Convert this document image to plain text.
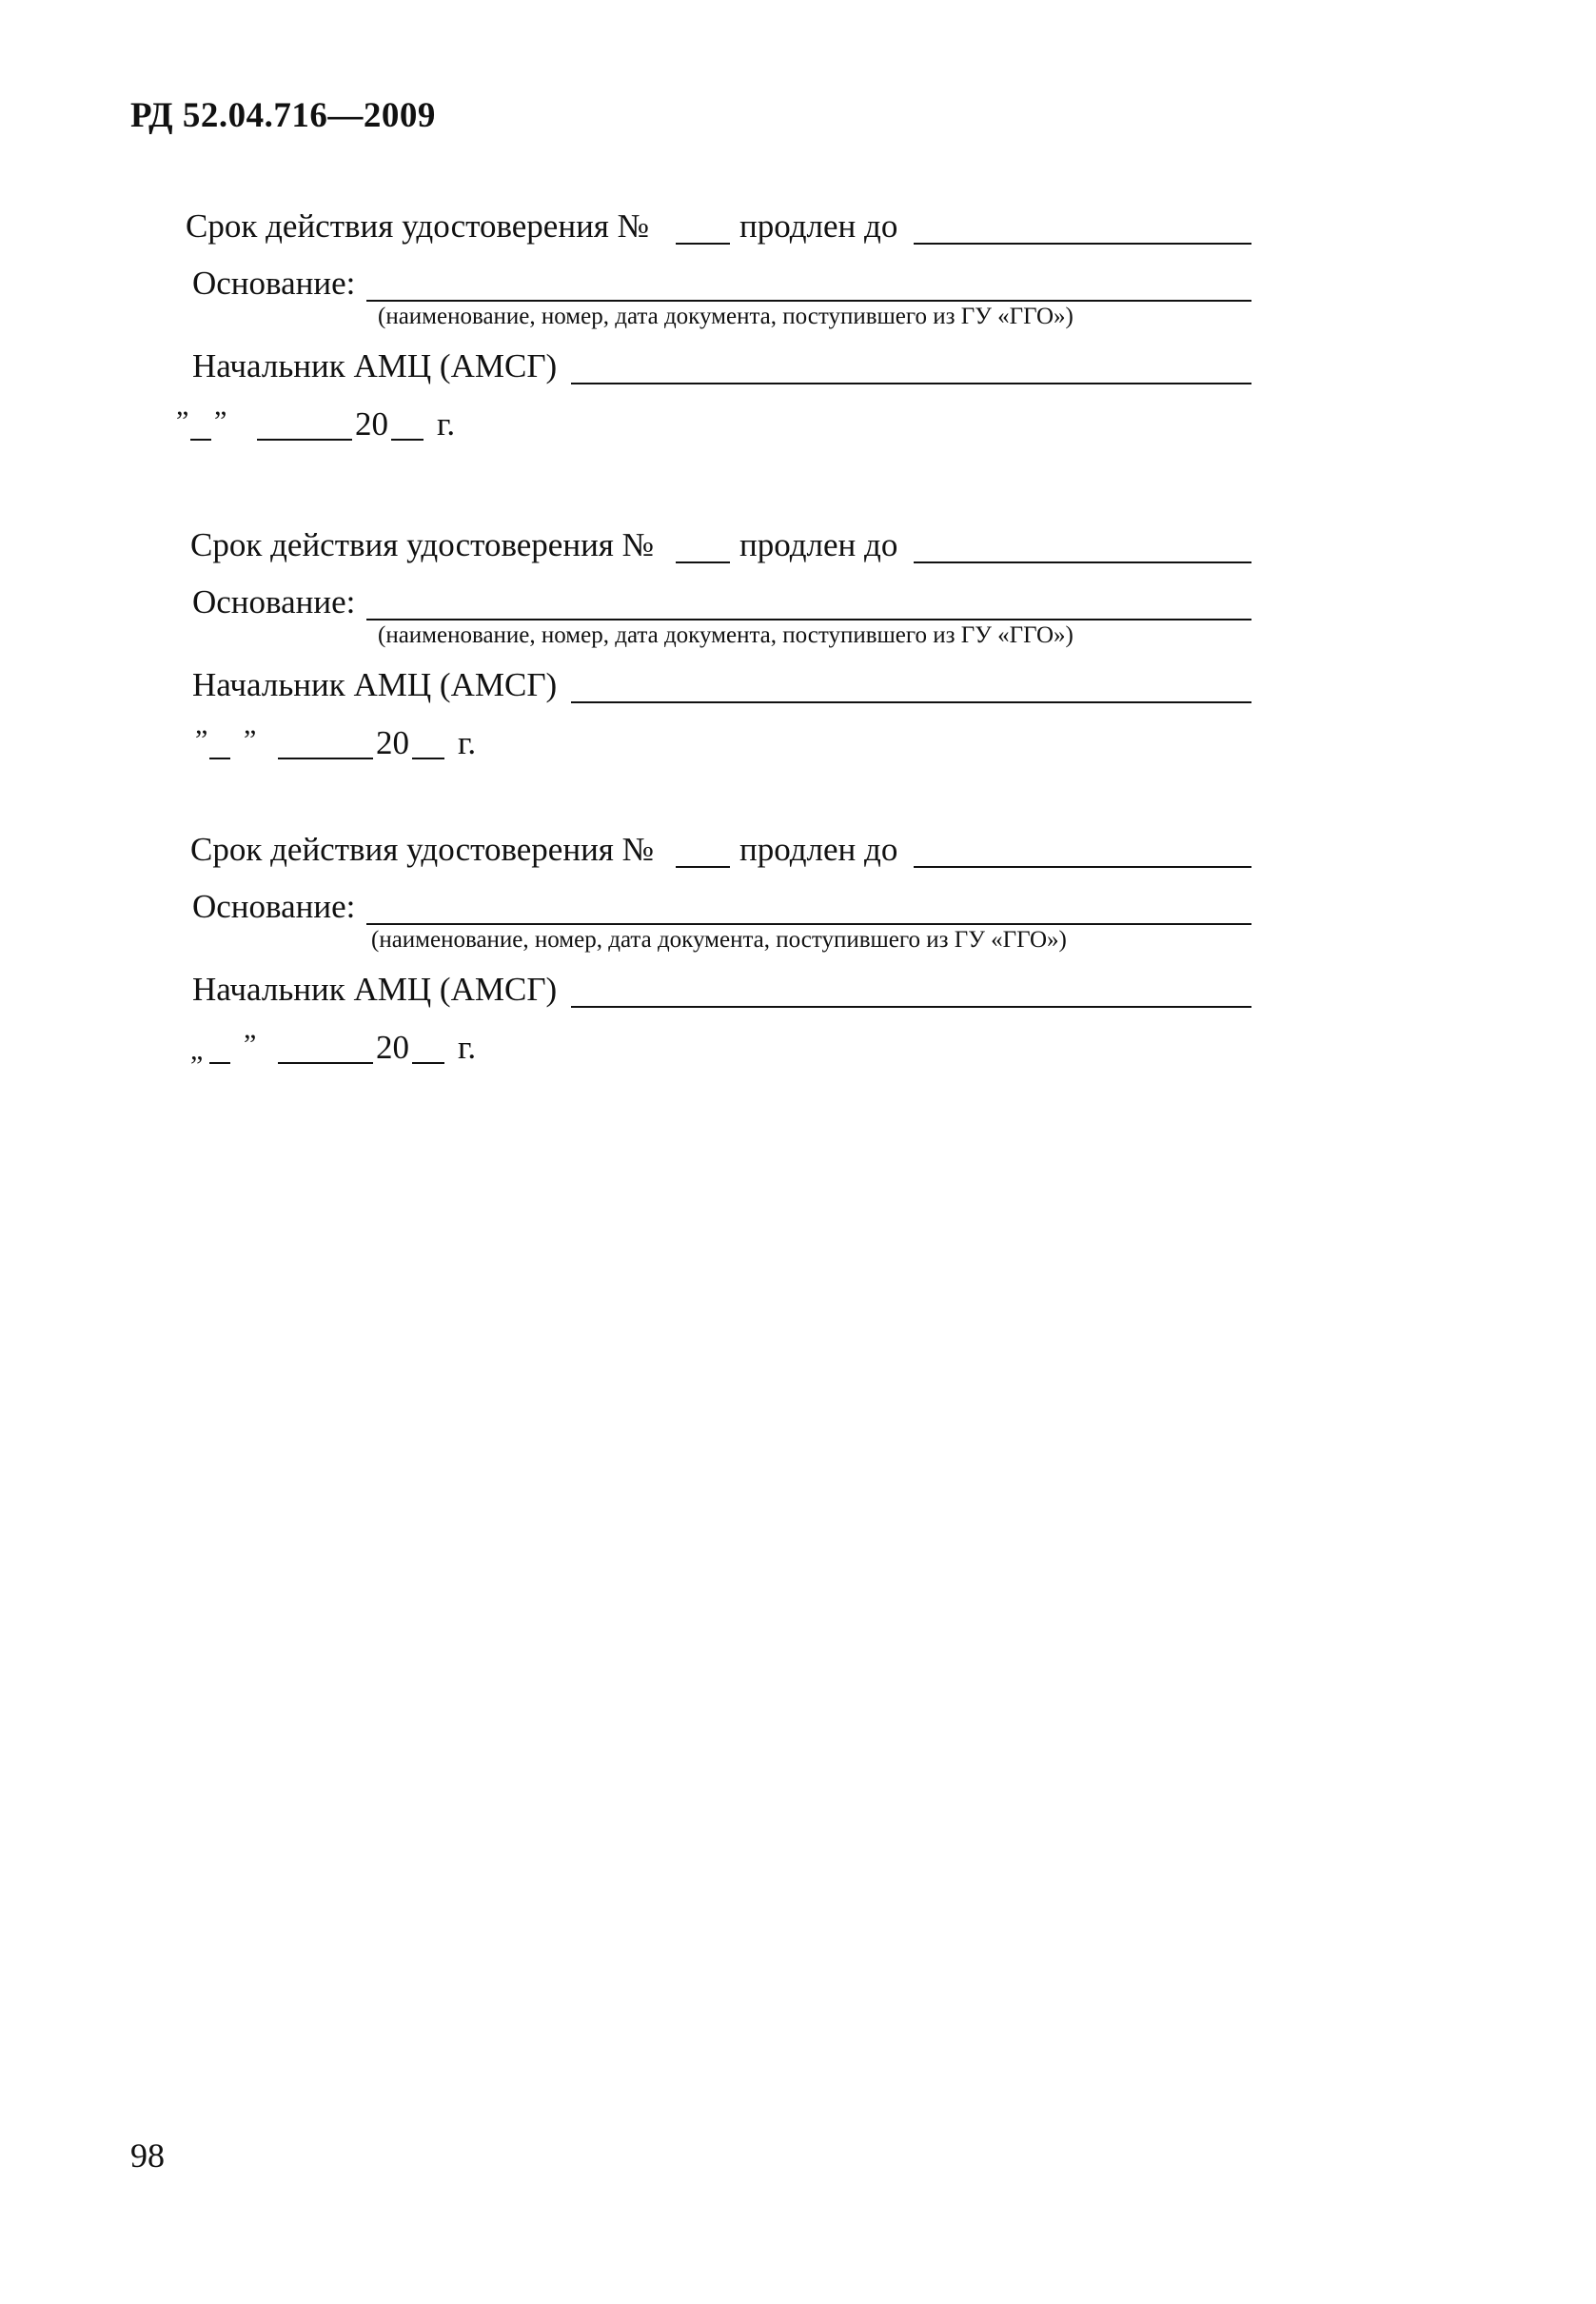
РД 52.04.716—2009
Срок действия удостоверения №	продлен до
Основание:
(наименование, номер, дата документа, поступившего из ГУ «ГГО»)
Начальник АМЦ (АМСГ)
” ”	20 г.
Срок действия удостоверения №	продлен до
Основание:
(наименование, номер, дата документа, поступившего из ГУ «ГГО»)
Начальник АМЦ (АМСГ)
” ”	20 г.
Срок действия удостоверения №	продлен до
Основание:
(наименование, номер, дата документа, поступившего из ГУ «ГГО»)
Начальник АМЦ (АМСГ)
„ ”	20 г.
98
